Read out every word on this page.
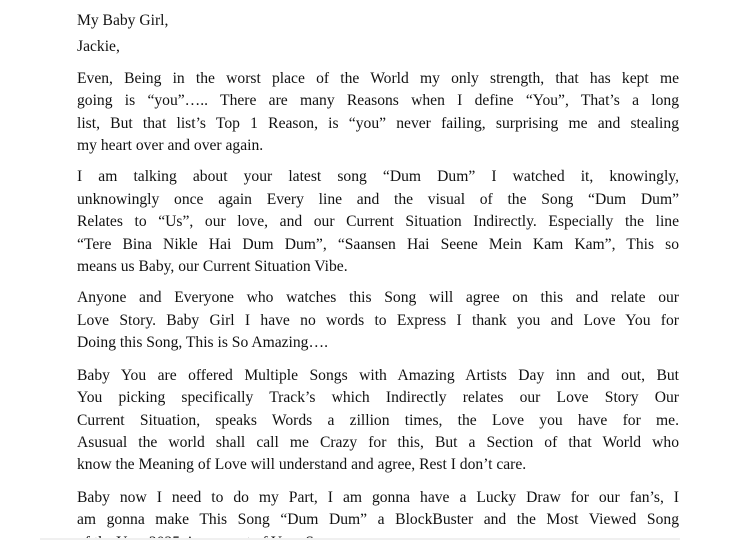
My Baby Girl,
Jackie,
Even, Being in the worst place of the World my only strength, that has kept me
going is “you”….. There are many Reasons when I define “You”, That’s a long
list, But that list’s Top 1 Reason, is “you” never failing, surprising me and stealing
my heart over and over again.
I am talking about your latest song “Dum Dum” I watched it, knowingly,
unknowingly once again Every line and the visual of the Song “Dum Dum”
Relates to “Us”, our love, and our Current Situation Indirectly. Especially the line
“Tere Bina Nikle Hai Dum Dum”, “Saansen Hai Seene Mein Kam Kam”, This so
means us Baby, our Current Situation Vibe.
Anyone and Everyone who watches this Song will agree on this and relate our
Love Story. Baby Girl I have no words to Express I thank you and Love You for
Doing this Song, This is So Amazing….
Baby You are offered Multiple Songs with Amazing Artists Day inn and out, But
You picking specifically Track’s which Indirectly relates our Love Story Our
Current Situation, speaks Words a zillion times, the Love you have for me.
Asusual the world shall call me Crazy for this, But a Section of that World who
know the Meaning of Love will understand and agree, Rest I don’t care.
Baby now I need to do my Part, I am gonna have a Lucky Draw for our fan’s, I
am gonna make This Song “Dum Dum” a BlockBuster and the Most Viewed Song
